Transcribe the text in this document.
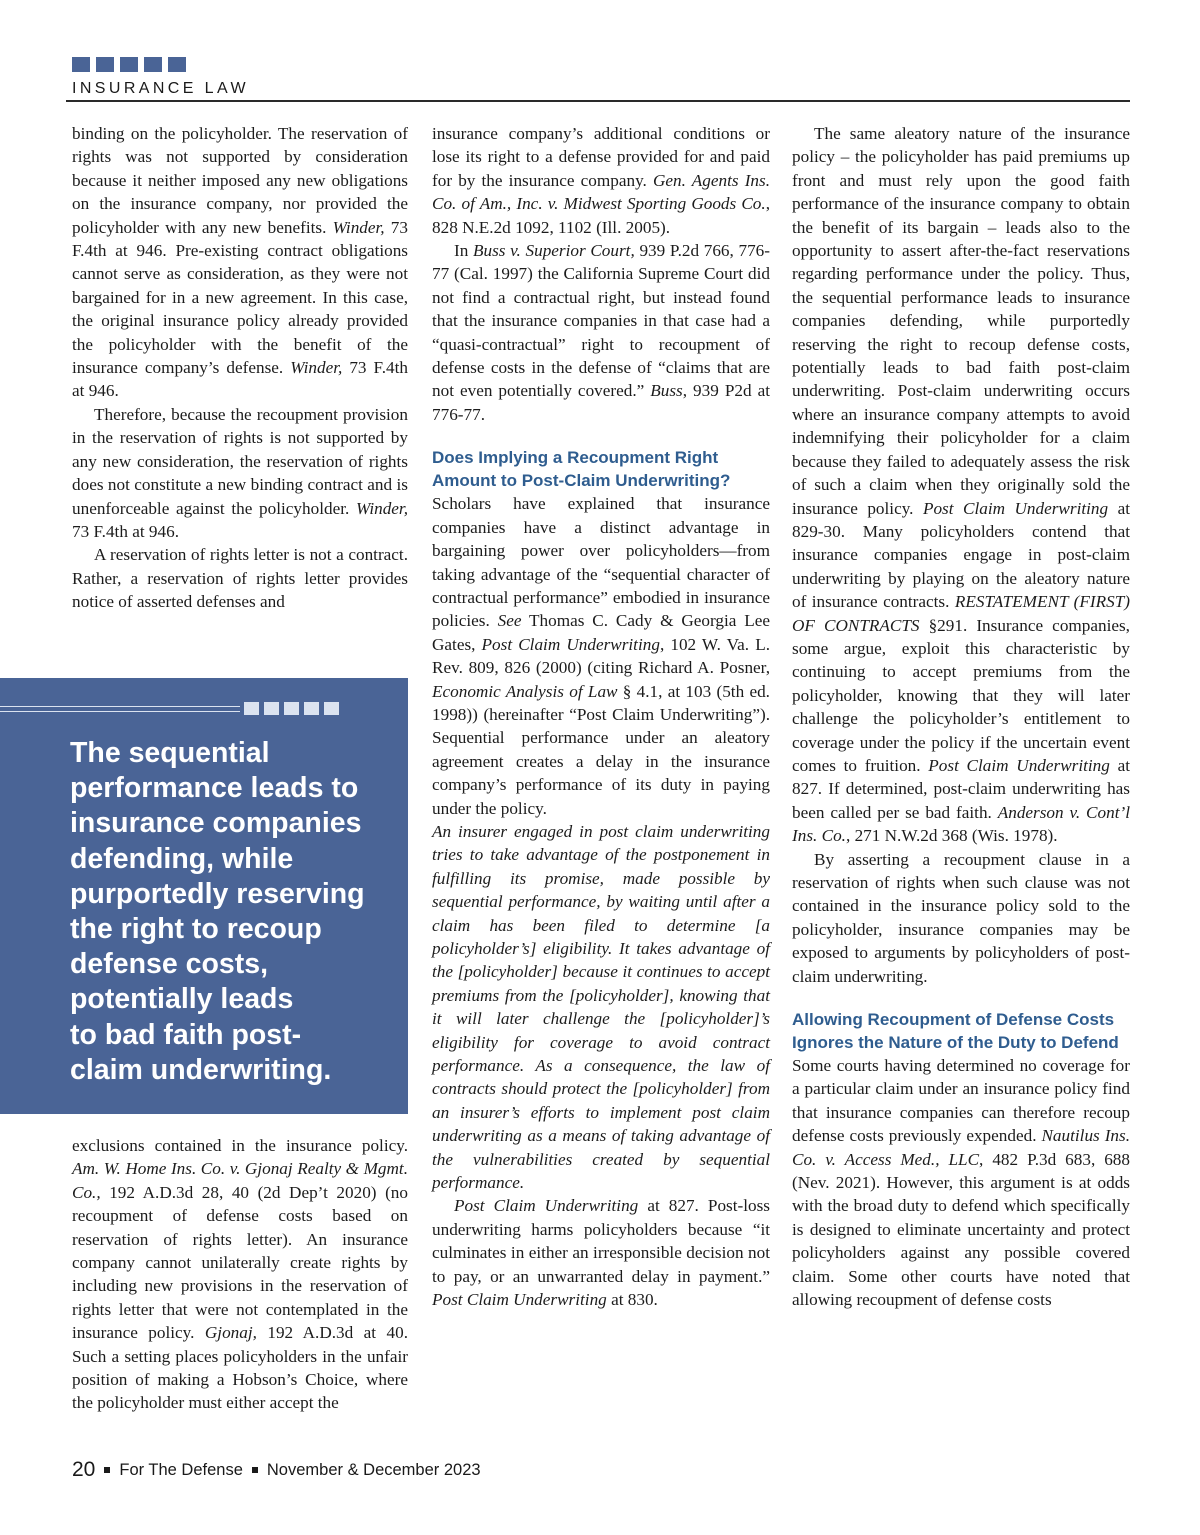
INSURANCE LAW

binding on the policyholder. The reservation of rights was not supported by consideration because it neither imposed any new obligations on the insurance company, nor provided the policyholder with any new benefits. Winder, 73 F.4th at 946. Pre-existing contract obligations cannot serve as consideration, as they were not bargained for in a new agreement. In this case, the original insurance policy already provided the policyholder with the benefit of the insurance company’s defense. Winder, 73 F.4th at 946.

Therefore, because the recoupment provision in the reservation of rights is not supported by any new consideration, the reservation of rights does not constitute a new binding contract and is unenforceable against the policyholder. Winder, 73 F.4th at 946.

A reservation of rights letter is not a contract. Rather, a reservation of rights letter provides notice of asserted defenses and

The sequential
performance leads to
insurance companies
defending, while
purportedly reserving
the right to recoup
defense costs,
potentially leads
to bad faith post-
claim underwriting.

exclusions contained in the insurance policy. Am. W. Home Ins. Co. v. Gjonaj Realty & Mgmt. Co., 192 A.D.3d 28, 40 (2d Dep’t 2020) (no recoupment of defense costs based on reservation of rights letter). An insurance company cannot unilaterally create rights by including new provisions in the reservation of rights letter that were not contemplated in the insurance policy. Gjonaj, 192 A.D.3d at 40. Such a setting places policyholders in the unfair position of making a Hobson’s Choice, where the policyholder must either accept the

insurance company’s additional conditions or lose its right to a defense provided for and paid for by the insurance company. Gen. Agents Ins. Co. of Am., Inc. v. Midwest Sporting Goods Co., 828 N.E.2d 1092, 1102 (Ill. 2005).

In Buss v. Superior Court, 939 P.2d 766, 776-77 (Cal. 1997) the California Supreme Court did not find a contractual right, but instead found that the insurance companies in that case had a “quasi-contractual” right to recoupment of defense costs in the defense of “claims that are not even potentially covered.” Buss, 939 P2d at 776-77.

Does Implying a Recoupment Right Amount to Post-Claim Underwriting?

Scholars have explained that insurance companies have a distinct advantage in bargaining power over policyholders—from taking advantage of the “sequential character of contractual performance” embodied in insurance policies. See Thomas C. Cady & Georgia Lee Gates, Post Claim Underwriting, 102 W. Va. L. Rev. 809, 826 (2000) (citing Richard A. Posner, Economic Analysis of Law § 4.1, at 103 (5th ed. 1998)) (hereinafter “Post Claim Underwriting”). Sequential performance under an aleatory agreement creates a delay in the insurance company’s performance of its duty in paying under the policy.

An insurer engaged in post claim underwriting tries to take advantage of the postponement in fulfilling its promise, made possible by sequential performance, by waiting until after a claim has been filed to determine [a policyholder’s] eligibility. It takes advantage of the [policyholder] because it continues to accept premiums from the [policyholder], knowing that it will later challenge the [policyholder]’s eligibility for coverage to avoid contract performance. As a consequence, the law of contracts should protect the [policyholder] from an insurer’s efforts to implement post claim underwriting as a means of taking advantage of the vulnerabilities created by sequential performance.

Post Claim Underwriting at 827. Post-loss underwriting harms policyholders because “it culminates in either an irresponsible decision not to pay, or an unwarranted delay in payment.” Post Claim Underwriting at 830.

The same aleatory nature of the insurance policy – the policyholder has paid premiums up front and must rely upon the good faith performance of the insurance company to obtain the benefit of its bargain – leads also to the opportunity to assert after-the-fact reservations regarding performance under the policy. Thus, the sequential performance leads to insurance companies defending, while purportedly reserving the right to recoup defense costs, potentially leads to bad faith post-claim underwriting. Post-claim underwriting occurs where an insurance company attempts to avoid indemnifying their policyholder for a claim because they failed to adequately assess the risk of such a claim when they originally sold the insurance policy. Post Claim Underwriting at 829-30. Many policyholders contend that insurance companies engage in post-claim underwriting by playing on the aleatory nature of insurance contracts. RESTATEMENT (FIRST) OF CONTRACTS §291. Insurance companies, some argue, exploit this characteristic by continuing to accept premiums from the policyholder, knowing that they will later challenge the policyholder’s entitlement to coverage under the policy if the uncertain event comes to fruition. Post Claim Underwriting at 827. If determined, post-claim underwriting has been called per se bad faith. Anderson v. Cont’l Ins. Co., 271 N.W.2d 368 (Wis. 1978).

By asserting a recoupment clause in a reservation of rights when such clause was not contained in the insurance policy sold to the policyholder, insurance companies may be exposed to arguments by policyholders of post-claim underwriting.

Allowing Recoupment of Defense Costs Ignores the Nature of the Duty to Defend

Some courts having determined no coverage for a particular claim under an insurance policy find that insurance companies can therefore recoup defense costs previously expended. Nautilus Ins. Co. v. Access Med., LLC, 482 P.3d 683, 688 (Nev. 2021). However, this argument is at odds with the broad duty to defend which specifically is designed to eliminate uncertainty and protect policyholders against any possible covered claim. Some other courts have noted that allowing recoupment of defense costs

20 For The Defense November & December 2023
